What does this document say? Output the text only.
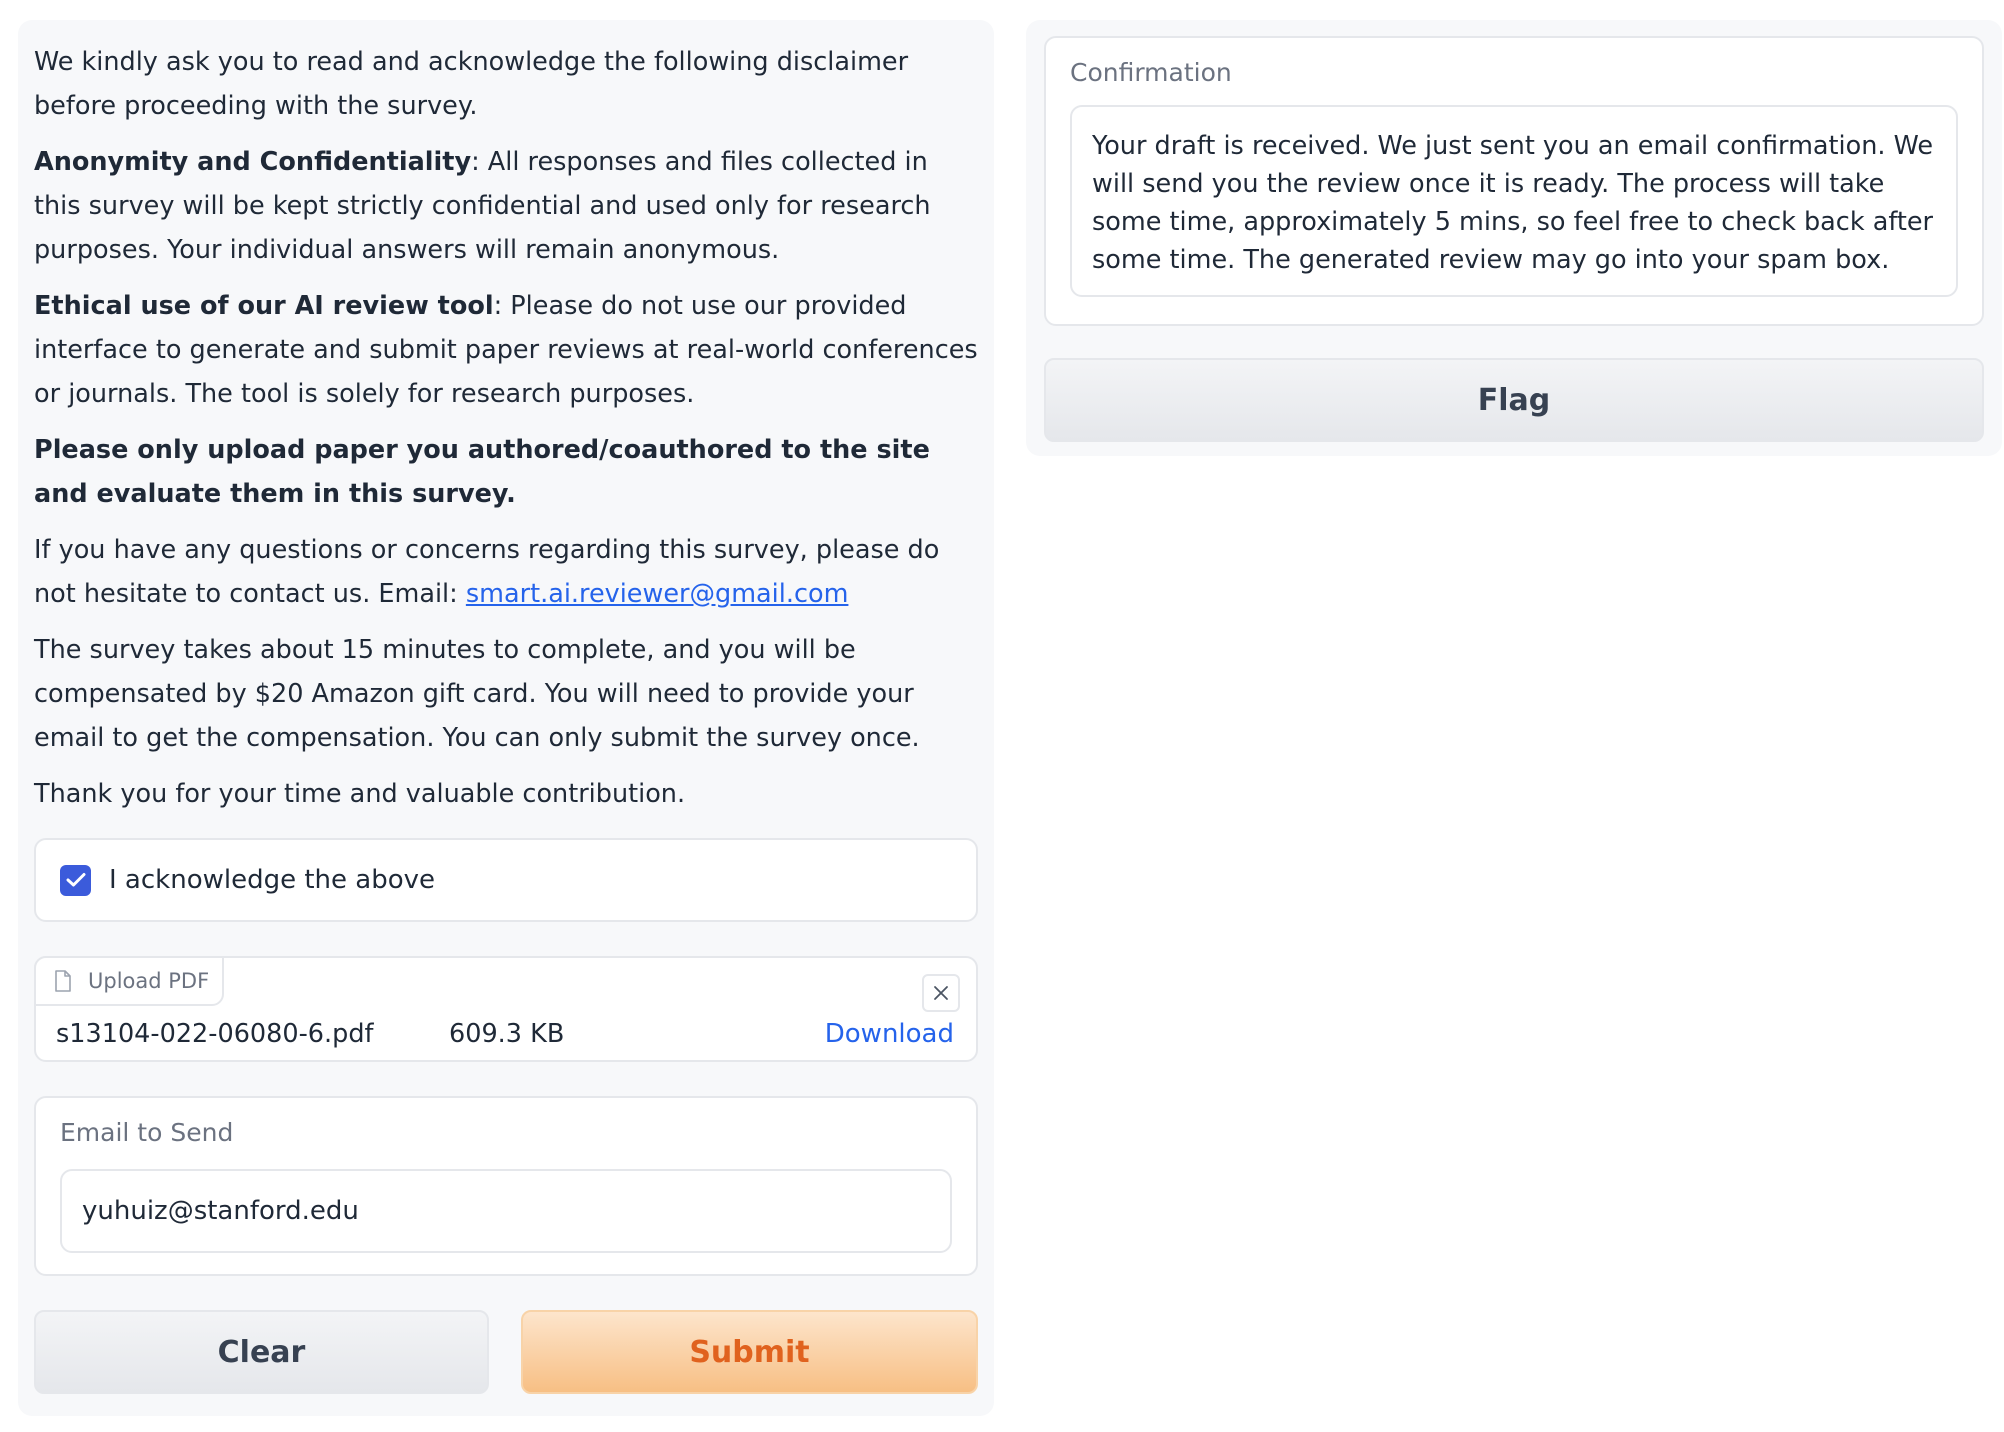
We kindly ask you to read and acknowledge the following disclaimer before proceeding with the survey.

Anonymity and Confidentiality: All responses and files collected in this survey will be kept strictly confidential and used only for research purposes. Your individual answers will remain anonymous.

Ethical use of our AI review tool: Please do not use our provided interface to generate and submit paper reviews at real-world conferences or journals. The tool is solely for research purposes.

Please only upload paper you authored/coauthored to the site and evaluate them in this survey.

If you have any questions or concerns regarding this survey, please do not hesitate to contact us. Email: smart.ai.reviewer@gmail.com

The survey takes about 15 minutes to complete, and you will be compensated by $20 Amazon gift card. You will need to provide your email to get the compensation. You can only submit the survey once.

Thank you for your time and valuable contribution.

I acknowledge the above
Upload PDF
s13104-022-06080-6.pdf	609.3 KB	Download
Email to Send
yuhuiz@stanford.edu
Clear	Submit
Confirmation
Your draft is received. We just sent you an email confirmation. We will send you the review once it is ready. The process will take some time, approximately 5 mins, so feel free to check back after some time. The generated review may go into your spam box.
Flag
